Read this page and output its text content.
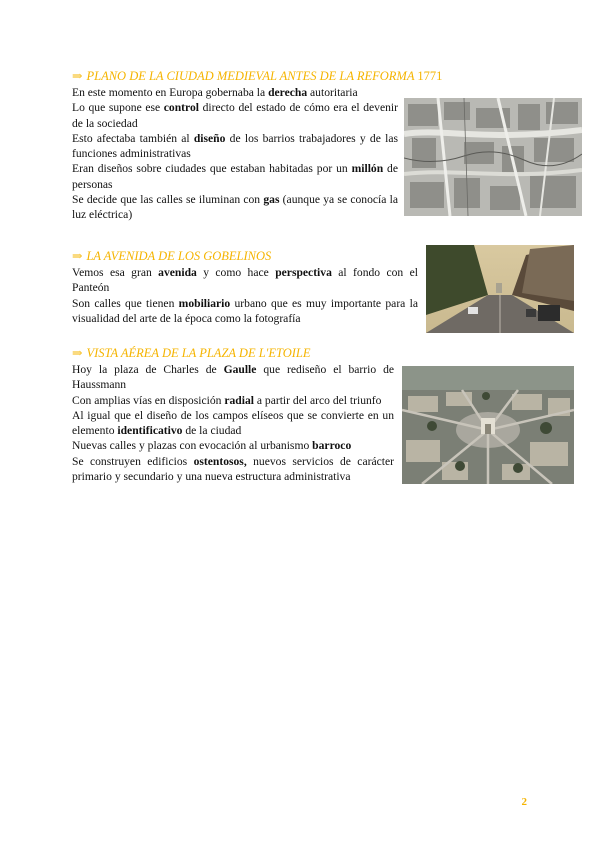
⇒ PLANO DE LA CIUDAD MEDIEVAL ANTES DE LA REFORMA 1771

En este momento en Europa gobernaba la derecha autoritaria

Lo que supone ese control directo del estado de cómo era el devenir de la sociedad

Esto afectaba también al diseño de los barrios trabajadores y de las funciones administrativas

Eran diseños sobre ciudades que estaban habitadas por un millón de personas

Se decide que las calles se iluminan con gas (aunque ya se conocía la luz eléctrica)

⇒ LA AVENIDA DE LOS GOBELINOS

Vemos esa gran avenida y como hace perspectiva al fondo con el Panteón

Son calles que tienen mobiliario urbano que es muy importante para la visualidad del arte de la época como la fotografía

⇒ VISTA AÉREA DE LA PLAZA DE L'ETOILE

Hoy la plaza de Charles de Gaulle que rediseño el barrio de Haussmann

Con amplias vías en disposición radial a partir del arco del triunfo

Al igual que el diseño de los campos elíseos que se convierte en un elemento identificativo de la ciudad

Nuevas calles y plazas con evocación al urbanismo barroco

Se construyen edificios ostentosos, nuevos servicios de carácter primario y secundario y una nueva estructura administrativa

2
